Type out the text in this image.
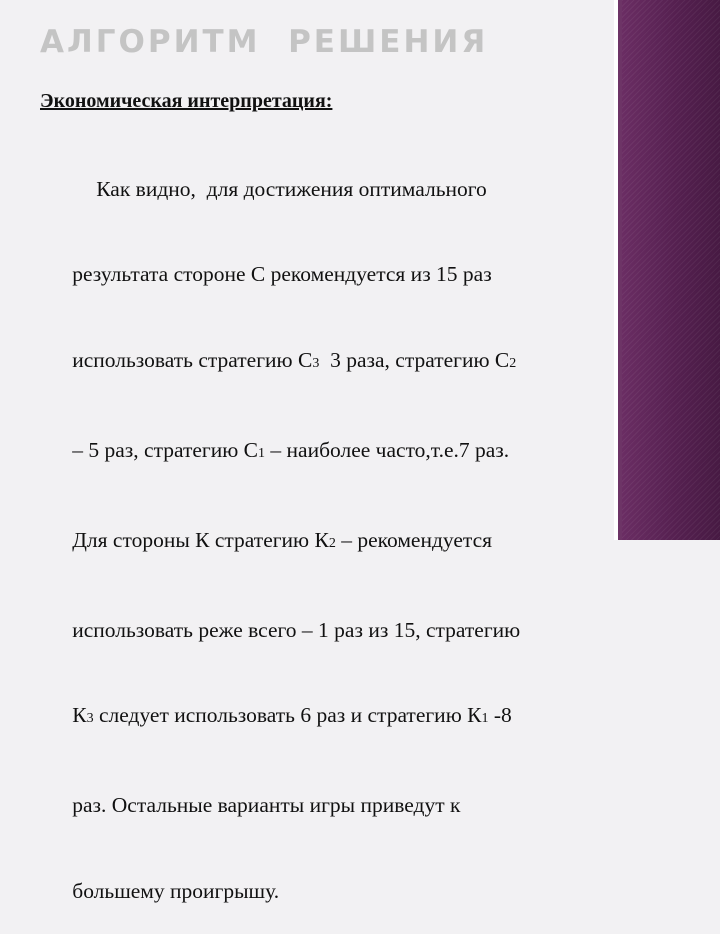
АЛГОРИТМ  РЕШЕНИЯ
Экономическая интерпретация:

Как видно,  для достижения оптимального

результата стороне С рекомендуется из 15 раз

использовать стратегию С3  3 раза, стратегию С2

– 5 раз, стратегию С1 – наиболее часто,т.е.7 раз.

Для стороны К стратегию К2 – рекомендуется

использовать реже всего – 1 раз из 15, стратегию

К3 следует использовать 6 раз и стратегию К1 -8

раз. Остальные варианты игры приведут к

большему проигрышу.
